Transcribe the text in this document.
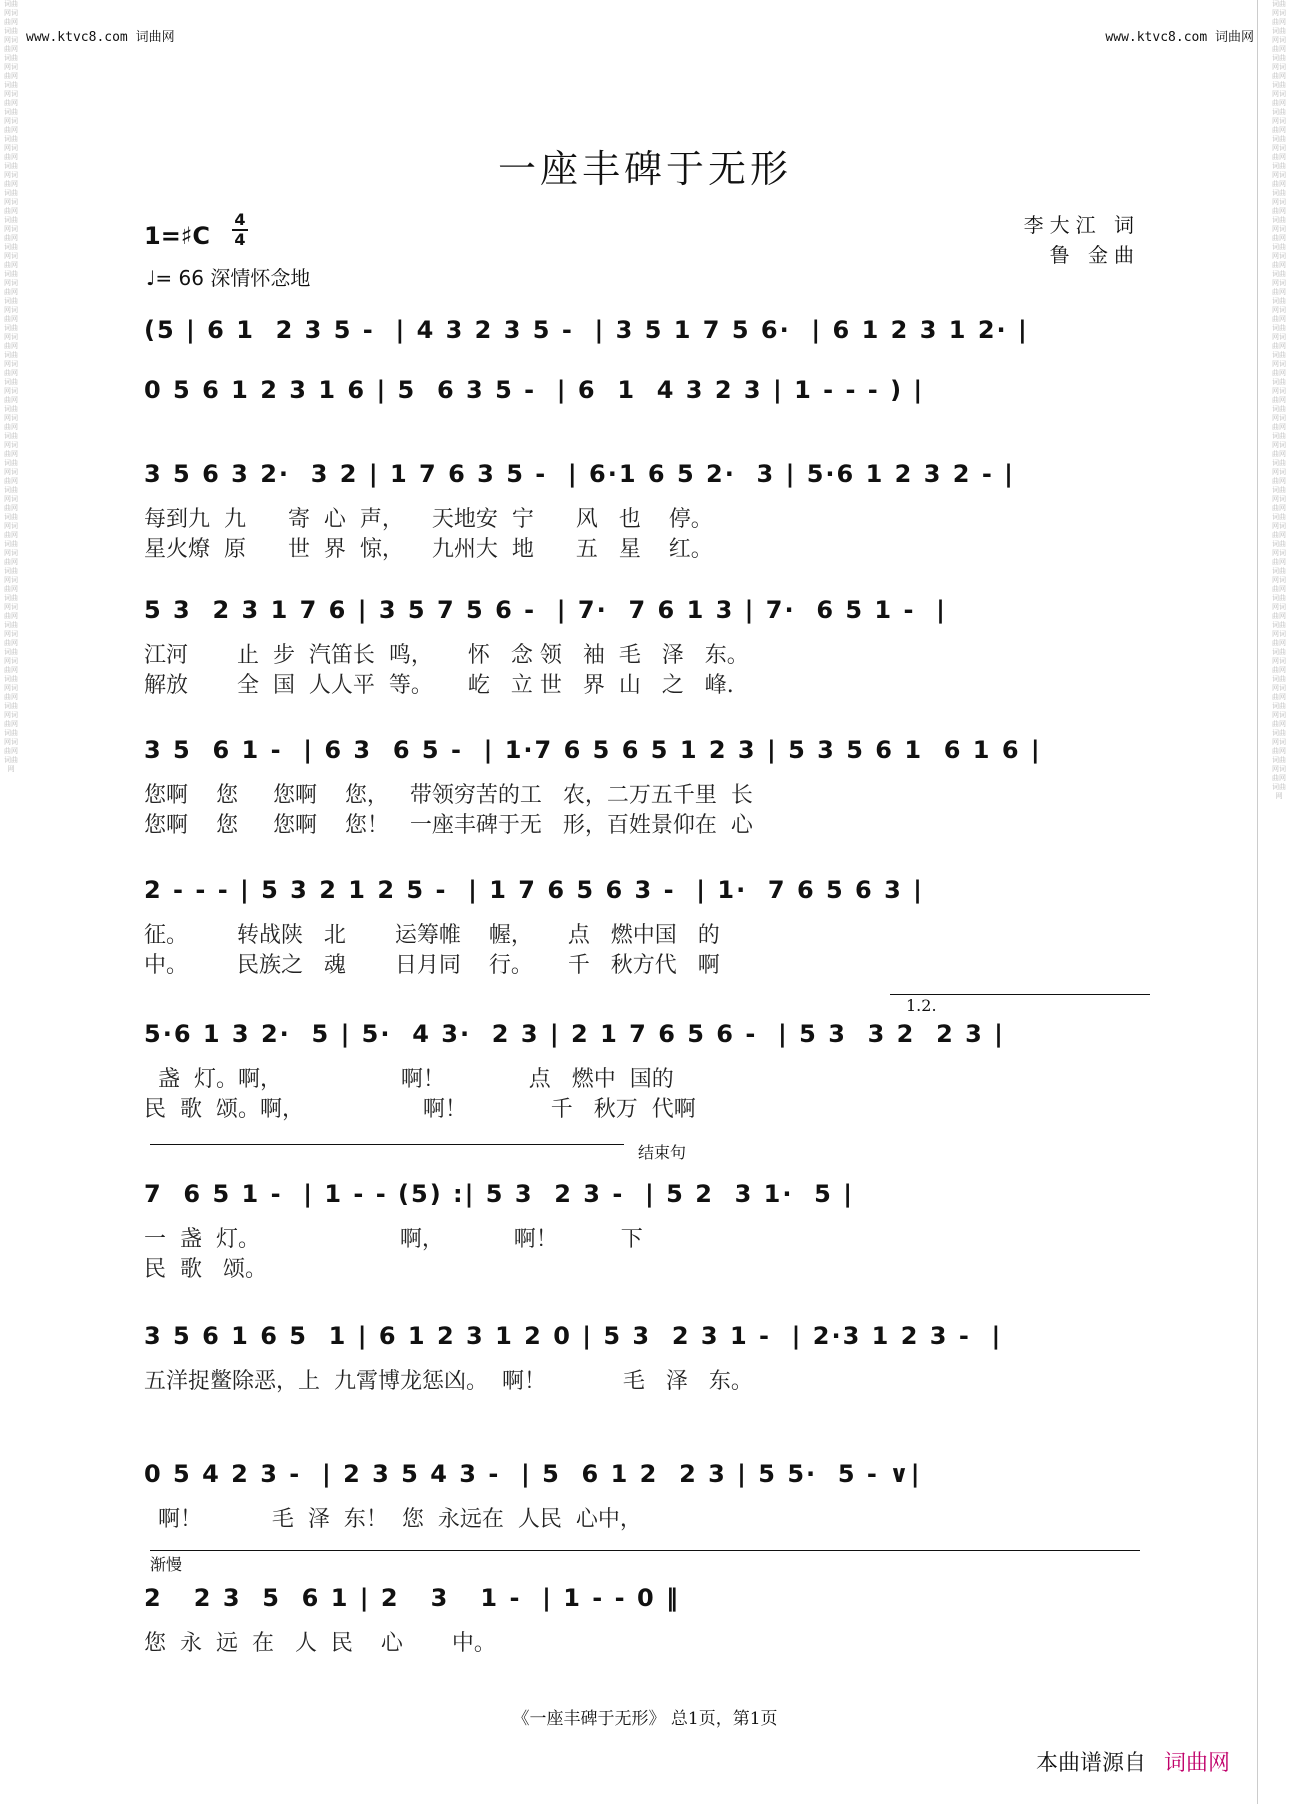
词曲网词曲网词曲网词曲网词曲网词曲网词曲网词曲网词曲网词曲网词曲网词曲网词曲网词曲网词曲网词曲网词曲网词曲网词曲网词曲网词曲网词曲网词曲网词曲网词曲网词曲网词曲网词曲网词曲网词曲网词曲网词曲网词曲网词曲网词曲网词曲网词曲网词曲网词曲网词曲网词曲网词曲网词曲网词曲网词曲网词曲网词曲网词曲网词曲网词曲网词曲网词曲网词曲网词曲网词曲网词曲网词曲网
词曲网词曲网词曲网词曲网词曲网词曲网词曲网词曲网词曲网词曲网词曲网词曲网词曲网词曲网词曲网词曲网词曲网词曲网词曲网词曲网词曲网词曲网词曲网词曲网词曲网词曲网词曲网词曲网词曲网词曲网词曲网词曲网词曲网词曲网词曲网词曲网词曲网词曲网词曲网词曲网词曲网词曲网词曲网词曲网词曲网词曲网词曲网词曲网词曲网词曲网词曲网词曲网词曲网词曲网词曲网词曲网词曲网词曲网词曲网
www.ktvc8.com 词曲网	www.ktvc8.com 词曲网
一座丰碑于无形
1=♯C
4
4
♩= 66 深情怀念地
李大江 词
鲁 金曲
(5 | 6 1  2 3 5 -  | 4 3 2 3 5 -  | 3 5 1 7 5 6·  | 6 1 2 3 1 2· |
0 5 6 1 2 3 1 6 | 5  6 3 5 -  | 6  1  4 3 2 3 | 1 - - - ) |
3 5 6 3 2·  3 2 | 1 7 6 3 5 -  | 6·1 6 5 2·  3 | 5·6 1 2 3 2 - |
每到九  九      寄  心  声，    天地安  宁      风   也    停。
星火燎  原      世  界  惊，    九州大  地      五   星    红。
5 3  2 3 1 7 6 | 3 5 7 5 6 -  | 7·  7 6 1 3 | 7·  6 5 1 -  |
江河       止  步  汽笛长  鸣，     怀   念 领   袖  毛   泽   东。
解放       全  国  人人平  等。     屹   立 世   界  山   之   峰.
3 5  6 1 -  | 6 3  6 5 -  | 1·7 6 5 6 5 1 2 3 | 5 3 5 6 1  6 1 6 |
您啊    您     您啊    您，   带领穷苦的工   农，二万五千里  长
您啊    您     您啊    您！   一座丰碑于无   形，百姓景仰在  心
2 - - - | 5 3 2 1 2 5 -  | 1 7 6 5 6 3 -  | 1·  7 6 5 6 3 |
征。       转战陕   北       运筹帷    幄，     点   燃中国   的
中。       民族之   魂       日月同    行。     千   秋方代   啊
5·6 1 3 2·  5 | 5·  4 3·  2 3 | 2 1 7 6 5 6 -  | 5 3  3 2  2 3 |
盏  灯。啊，                 啊！            点   燃中  国的
民  歌  颂。啊，                 啊！            千   秋万  代啊
7  6 5 1 -  | 1 - - (5) :| 5 3  2 3 -  | 5 2  3 1·  5 |
一  盏  灯。                    啊，          啊！         下
民  歌   颂。
3 5 6 1 6 5  1 | 6 1 2 3 1 2 0 | 5 3  2 3 1 -  | 2·3 1 2 3 -  |
五洋捉鳖除恶，上  九霄博龙惩凶。  啊！           毛   泽   东。
0 5 4 2 3 -  | 2 3 5 4 3 -  | 5  6 1 2  2 3 | 5 5·  5 - ∨|
啊！          毛  泽  东！  您  永远在  人民  心中，
2   2 3  5  6 1 | 2   3   1 -  | 1 - - 0 ‖
您  永  远  在   人  民    心       中。
1.2.
结束句
渐慢
《一座丰碑于无形》 总1页，第1页
本曲谱源自 词曲网
